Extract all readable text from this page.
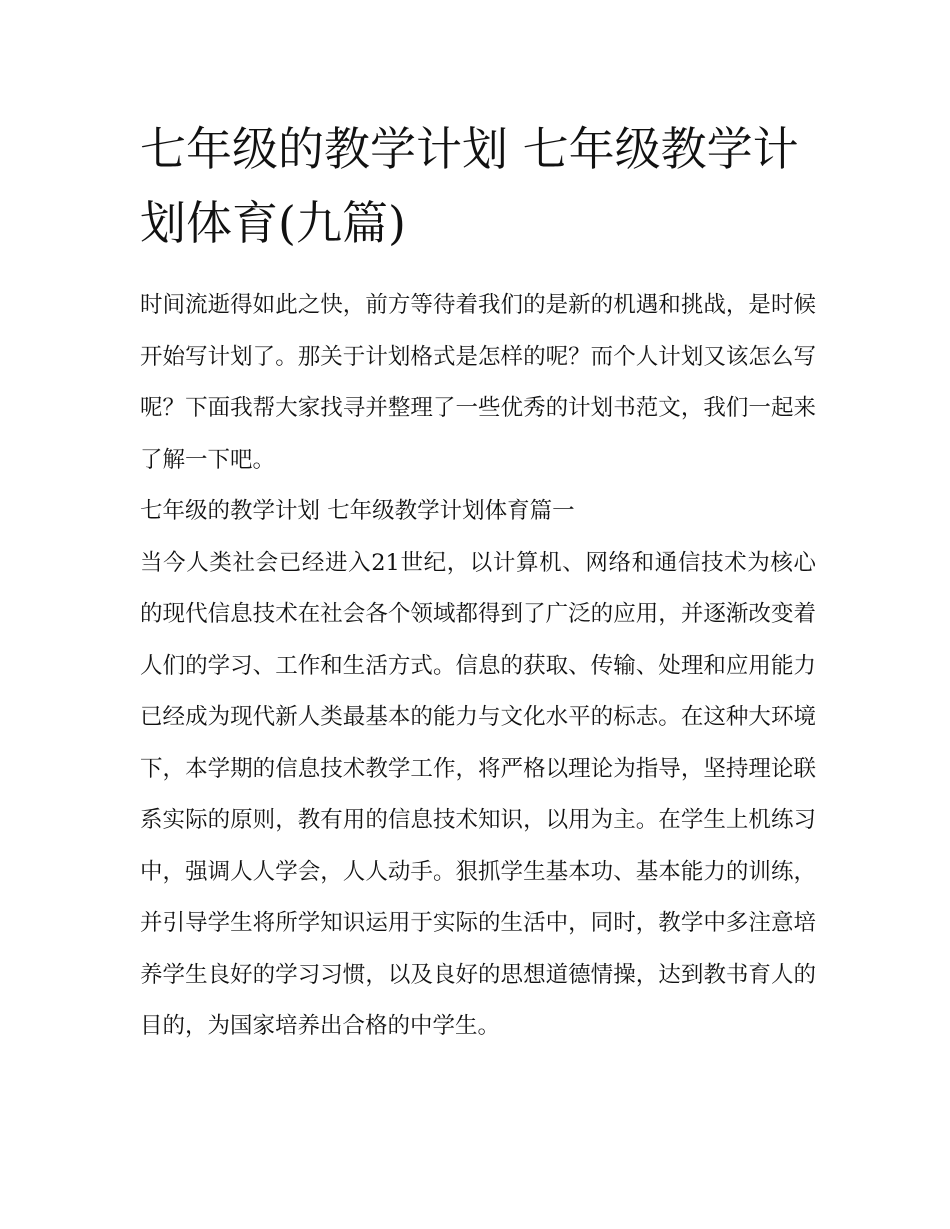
七年级的教学计划 七年级教学计划体育(九篇)

时间流逝得如此之快，前方等待着我们的是新的机遇和挑战，是时候开始写计划了。那关于计划格式是怎样的呢？而个人计划又该怎么写呢？下面我帮大家找寻并整理了一些优秀的计划书范文，我们一起来了解一下吧。

七年级的教学计划 七年级教学计划体育篇一

当今人类社会已经进入21世纪，以计算机、网络和通信技术为核心的现代信息技术在社会各个领域都得到了广泛的应用，并逐渐改变着人们的学习、工作和生活方式。信息的获取、传输、处理和应用能力已经成为现代新人类最基本的能力与文化水平的标志。在这种大环境下，本学期的信息技术教学工作，将严格以理论为指导，坚持理论联系实际的原则，教有用的信息技术知识，以用为主。在学生上机练习中，强调人人学会，人人动手。狠抓学生基本功、基本能力的训练，并引导学生将所学知识运用于实际的生活中，同时，教学中多注意培养学生良好的学习习惯，以及良好的思想道德情操，达到教书育人的目的，为国家培养出合格的中学生。
